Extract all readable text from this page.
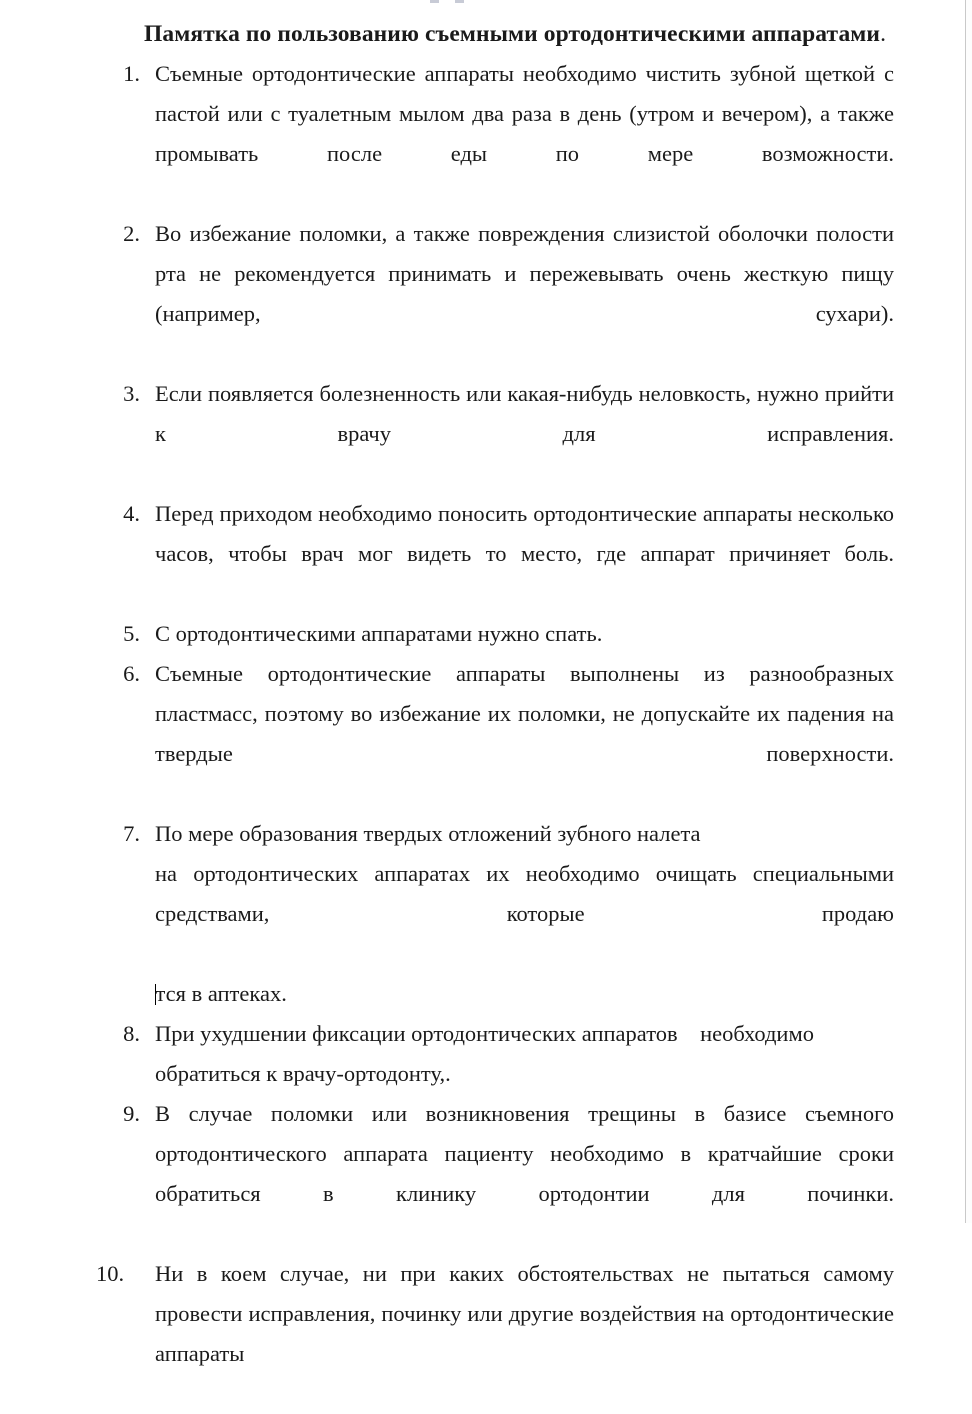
Памятка по пользованию съемными ортодонтическими аппаратами.

1. Съемные ортодонтические аппараты необходимо чистить зубной щеткой с пастой или с туалетным мылом два раза в день (утром и вечером), а также промывать после еды по мере возможности.
2. Во избежание поломки, а также повреждения слизистой оболочки полости рта не рекомендуется принимать и пережевывать очень жесткую пищу (например, сухари).
3. Если появляется болезненность или какая-нибудь неловкость, нужно прийти к врачу для исправления.
4. Перед приходом необходимо поносить ортодонтические аппараты несколько часов, чтобы врач мог видеть то место, где аппарат причиняет боль.
5. С ортодонтическими аппаратами нужно спать.
6. Съемные ортодонтические аппараты выполнены из разнообразных пластмасс, поэтому во избежание их поломки, не допускайте их падения на твердые поверхности.
7. По мере образования твердых отложений зубного налета
на ортодонтических аппаратах их необходимо очищать специальными средствами, которые продаю
тся в аптеках.
8. При ухудшении фиксации ортодонтических аппаратов необходимо обратиться к врачу-ортодонту,.
9. В случае поломки или возникновения трещины в базисе съемного ортодонтического аппарата пациенту необходимо в кратчайшие сроки обратиться в клинику ортодонтии для починки.
10.	Ни в коем случае, ни при каких обстоятельствах не пытаться самому провести исправления, починку или другие воздействия на ортодонтические аппараты
